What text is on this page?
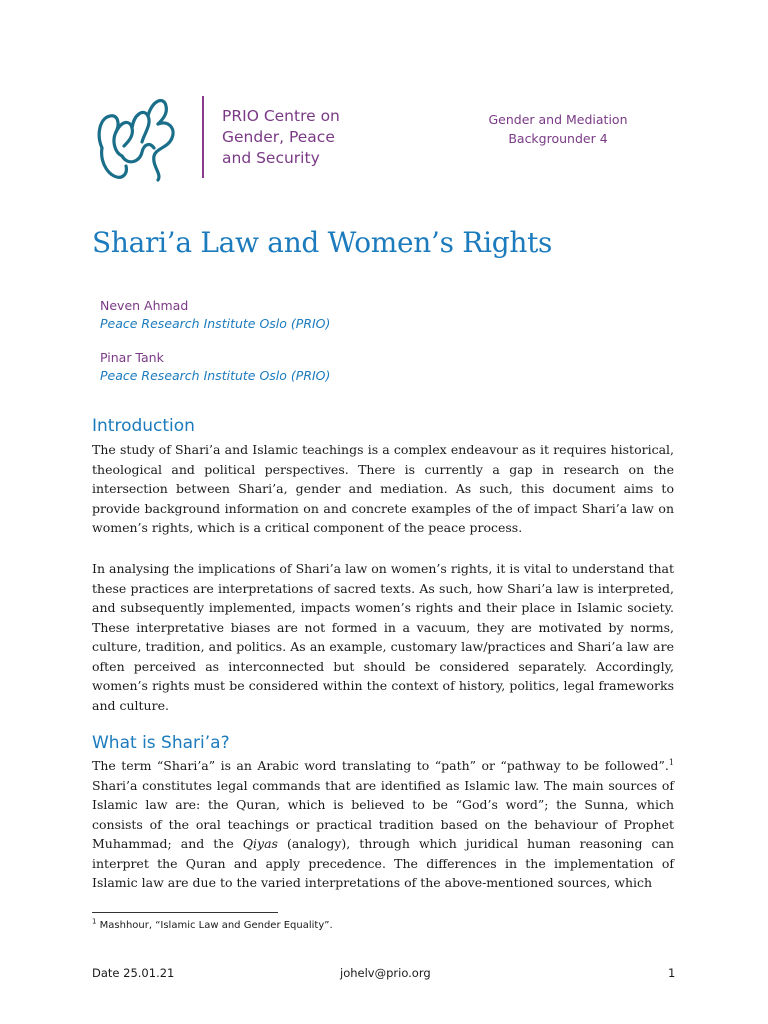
PRIO Centre on
Gender, Peace
and Security
Gender and Mediation
Backgrounder 4
Shari’a Law and Women’s Rights
Neven Ahmad
Peace Research Institute Oslo (PRIO)
Pinar Tank
Peace Research Institute Oslo (PRIO)
Introduction
The study of Shari’a and Islamic teachings is a complex endeavour as it requires historical, theological and political perspectives. There is currently a gap in research on the intersection between Shari’a, gender and mediation. As such, this document aims to provide background information on and concrete examples of the of impact Shari’a law on women’s rights, which is a critical component of the peace process.
In analysing the implications of Shari’a law on women’s rights, it is vital to understand that these practices are interpretations of sacred texts. As such, how Shari’a law is interpreted, and subsequently implemented, impacts women’s rights and their place in Islamic society. These interpretative biases are not formed in a vacuum, they are motivated by norms, culture, tradition, and politics. As an example, customary law/practices and Shari’a law are often perceived as interconnected but should be considered separately. Accordingly, women’s rights must be considered within the context of history, politics, legal frameworks and culture.
What is Shari’a?
The term “Shari’a” is an Arabic word translating to “path” or “pathway to be followed”.$^1$ Shari’a constitutes legal commands that are identified as Islamic law. The main sources of Islamic law are: the Quran, which is believed to be “God’s word”; the Sunna, which consists of the oral teachings or practical tradition based on the behaviour of Prophet Muhammad; and the Qiyas (analogy), through which juridical human reasoning can interpret the Quran and apply precedence. The differences in the implementation of Islamic law are due to the varied interpretations of the above-mentioned sources, which
$^1$ Mashhour, “Islamic Law and Gender Equality”.
Date 25.01.21	johelv@prio.org	1
